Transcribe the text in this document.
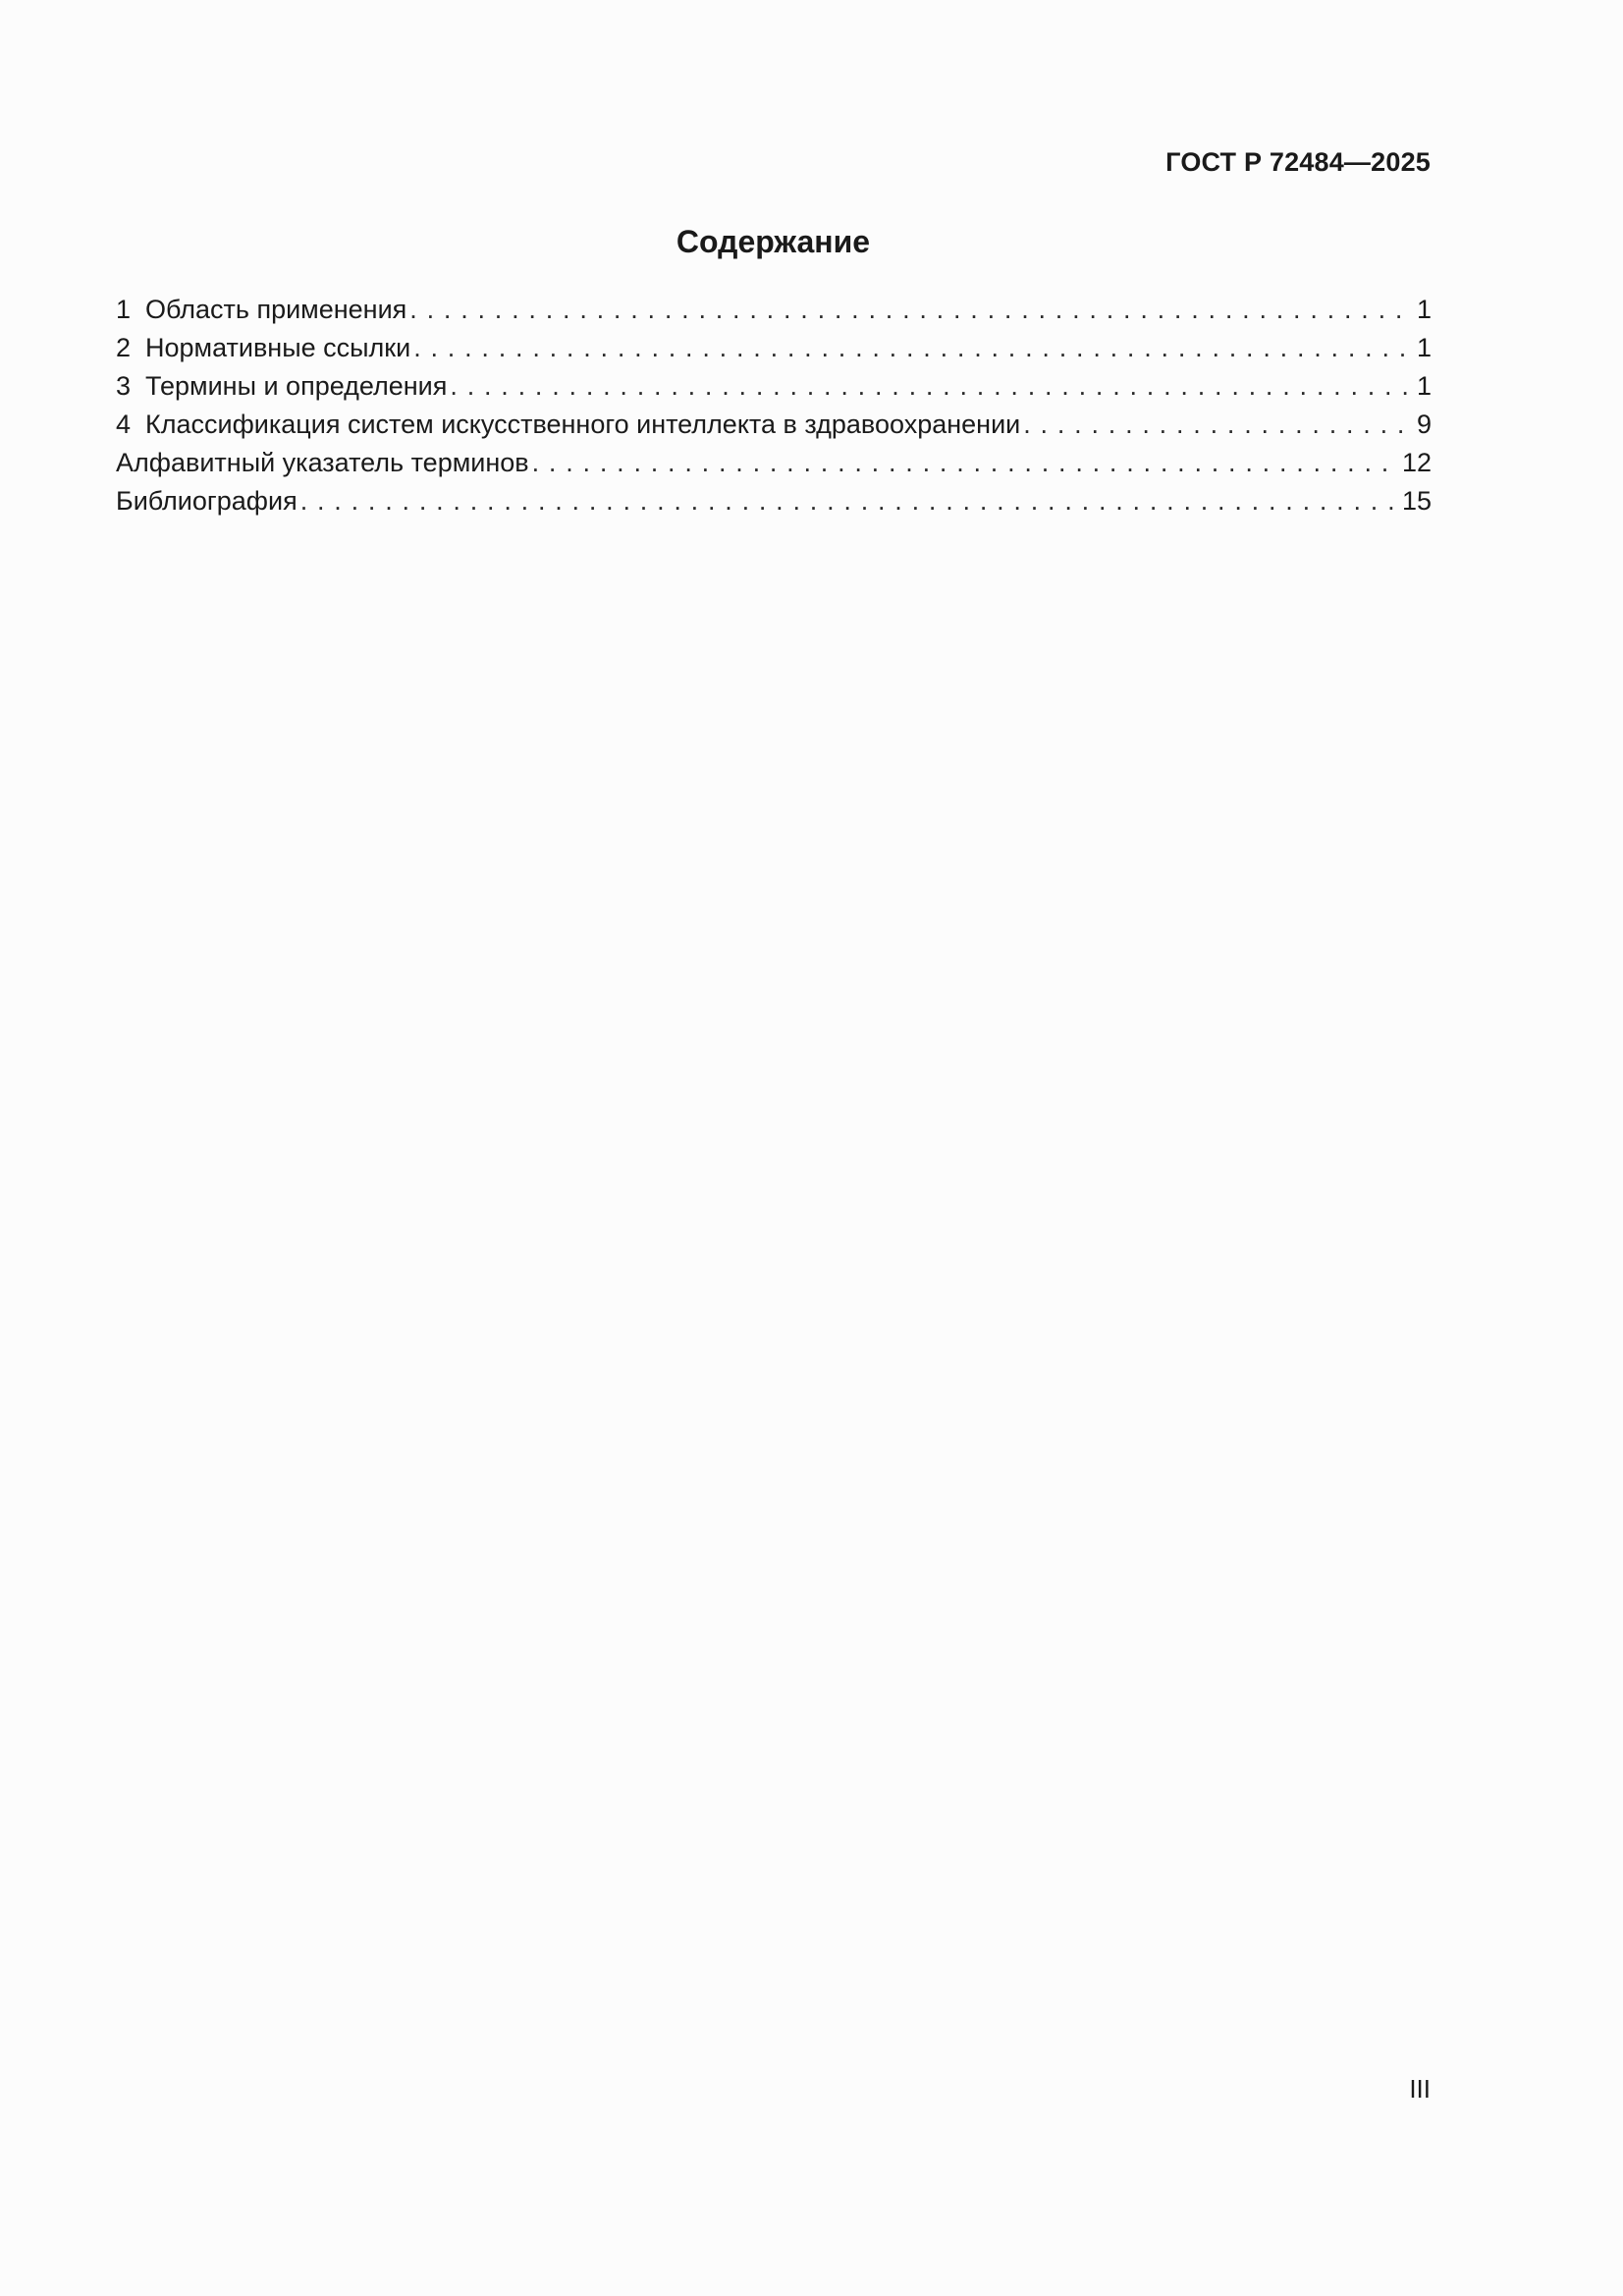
ГОСТ Р 72484—2025
Содержание
1 Область применения . . .	1
2 Нормативные ссылки . . .	1
3 Термины и определения . . .	1
4 Классификация систем искусственного интеллекта в здравоохранении . . .	9
Алфавитный указатель терминов . . .	12
Библиография . . .	15
III
